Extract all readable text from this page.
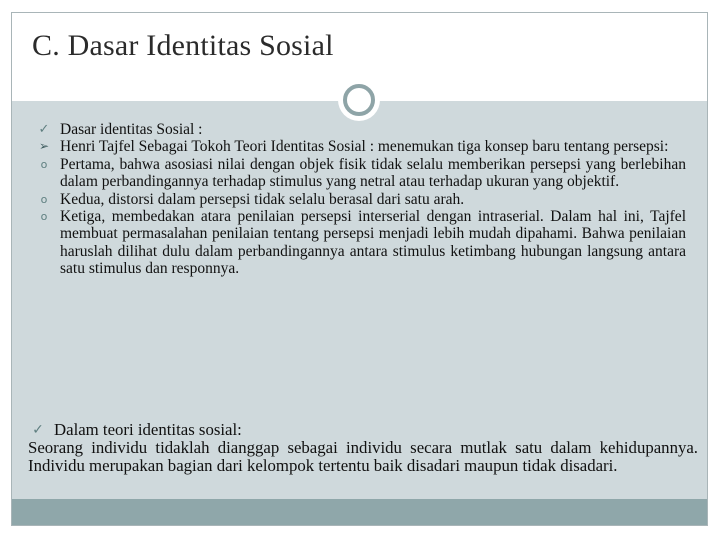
C. Dasar Identitas Sosial

✓ Dasar identitas Sosial :

➢ Henri Tajfel Sebagai Tokoh Teori Identitas Sosial : menemukan tiga konsep baru tentang persepsi:

o Pertama, bahwa asosiasi nilai dengan objek fisik tidak selalu memberikan persepsi yang berlebihan dalam perbandingannya terhadap stimulus yang netral atau terhadap ukuran yang objektif.

o Kedua, distorsi dalam persepsi tidak selalu berasal dari satu arah.

o Ketiga, membedakan atara penilaian persepsi interserial dengan intraserial. Dalam hal ini, Tajfel membuat permasalahan penilaian tentang persepsi menjadi lebih mudah dipahami. Bahwa penilaian haruslah dilihat dulu dalam perbandingannya antara stimulus ketimbang hubungan langsung antara satu stimulus dan responnya.

✓ Dalam teori identitas sosial:
Seorang individu tidaklah dianggap sebagai individu secara mutlak satu dalam kehidupannya. Individu merupakan bagian dari kelompok tertentu baik disadari maupun tidak disadari.
